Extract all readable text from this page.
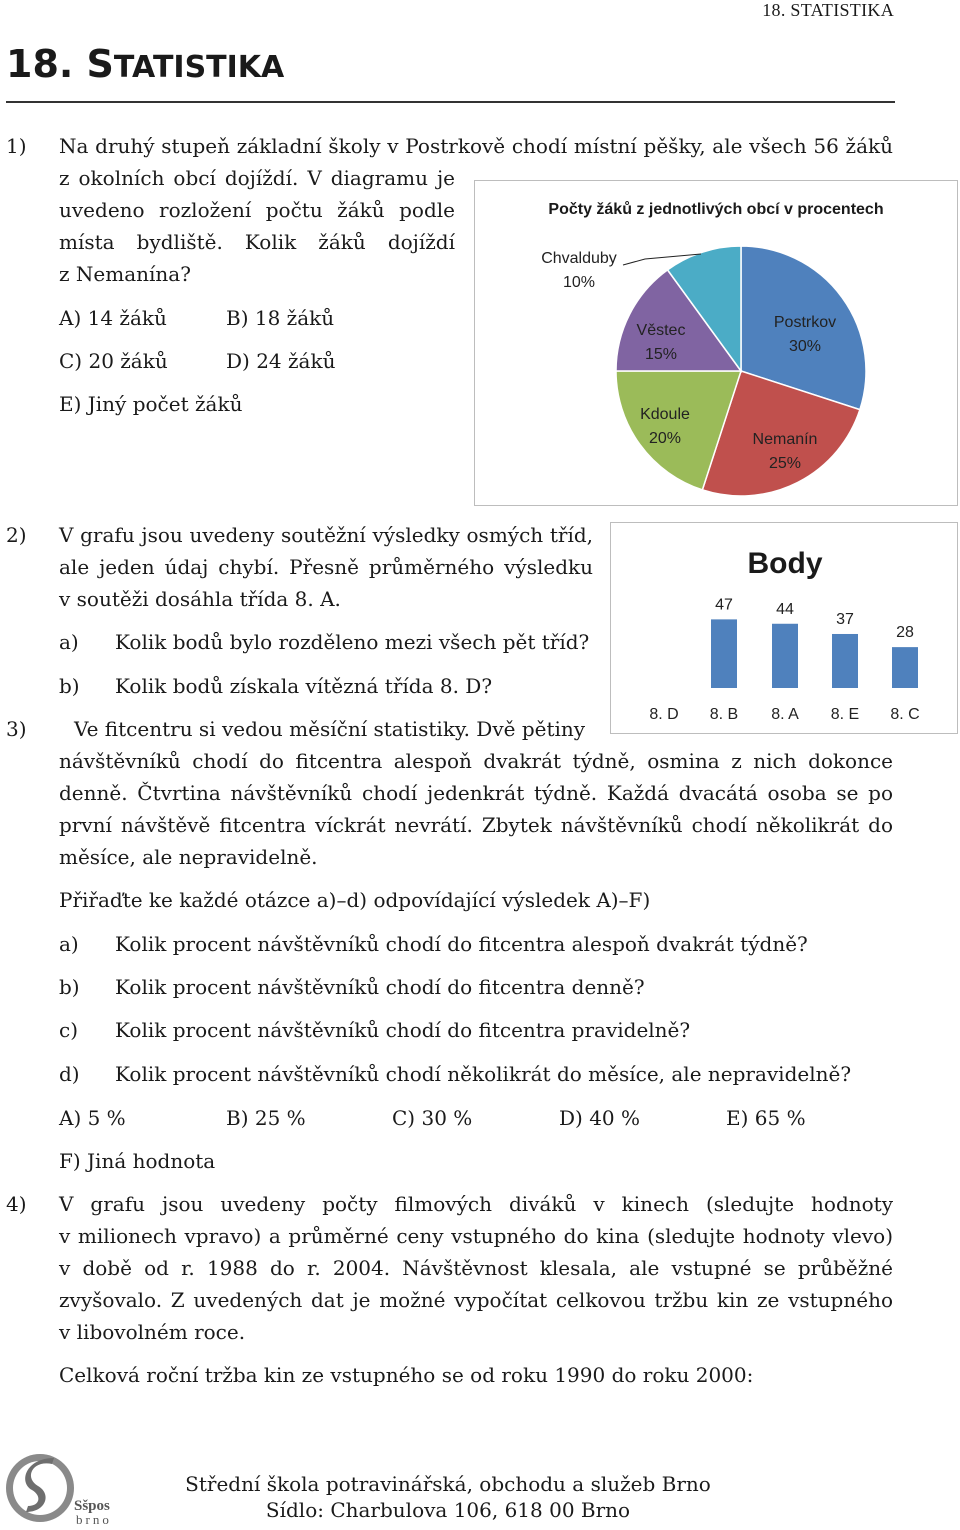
18. STATISTIKA
18. STATISTIKA
1) Na druhý stupeň základní školy v Postrkově chodí místní pěšky, ale všech 56 žáků
z okolních obcí dojíždí. V diagramu je
uvedeno rozložení počtu žáků podle
místa bydliště. Kolik žáků dojíždí
z Nemanína?
A) 14 žáků	B) 18 žáků
C) 20 žáků	D) 24 žáků
E) Jiný počet žáků
Počty žáků z jednotlivých obcí v procentech
Postrkov
30%
Nemanín
25%
Kdoule
20%
Věstec
15%
Chvalduby
10%
2) V grafu jsou uvedeny soutěžní výsledky osmých tříd,
ale jeden údaj chybí. Přesně průměrného výsledku
v soutěži dosáhla třída 8. A.
a) Kolik bodů bylo rozděleno mezi všech pět tříd?
b) Kolik bodů získala vítězná třída 8. D?
Body
8. D
47
8. B
44
8. A
37
8. E
28
8. C
3) Ve fitcentru si vedou měsíční statistiky. Dvě pětiny
návštěvníků chodí do fitcentra alespoň dvakrát týdně, osmina z nich dokonce
denně. Čtvrtina návštěvníků chodí jedenkrát týdně. Každá dvacátá osoba se po
první návštěvě fitcentra víckrát nevrátí. Zbytek návštěvníků chodí několikrát do
měsíce, ale nepravidelně.
Přiřaďte ke každé otázce a)–d) odpovídající výsledek A)–F)
a) Kolik procent návštěvníků chodí do fitcentra alespoň dvakrát týdně?
b) Kolik procent návštěvníků chodí do fitcentra denně?
c) Kolik procent návštěvníků chodí do fitcentra pravidelně?
d) Kolik procent návštěvníků chodí několikrát do měsíce, ale nepravidelně?
A) 5 %	B) 25 %	C) 30 %	D) 40 %	E) 65 %
F) Jiná hodnota
4) V grafu jsou uvedeny počty filmových diváků v kinech (sledujte hodnoty
v milionech vpravo) a průměrné ceny vstupného do kina (sledujte hodnoty vlevo)
v době od r. 1988 do r. 2004. Návštěvnost klesala, ale vstupné se průběžné
zvyšovalo. Z uvedených dat je možné vypočítat celkovou tržbu kin ze vstupného
v libovolném roce.
Celková roční tržba kin ze vstupného se od roku 1990 do roku 2000:
Sšpos
brno
Střední škola potravinářská, obchodu a služeb Brno
Sídlo: Charbulova 106, 618 00 Brno
